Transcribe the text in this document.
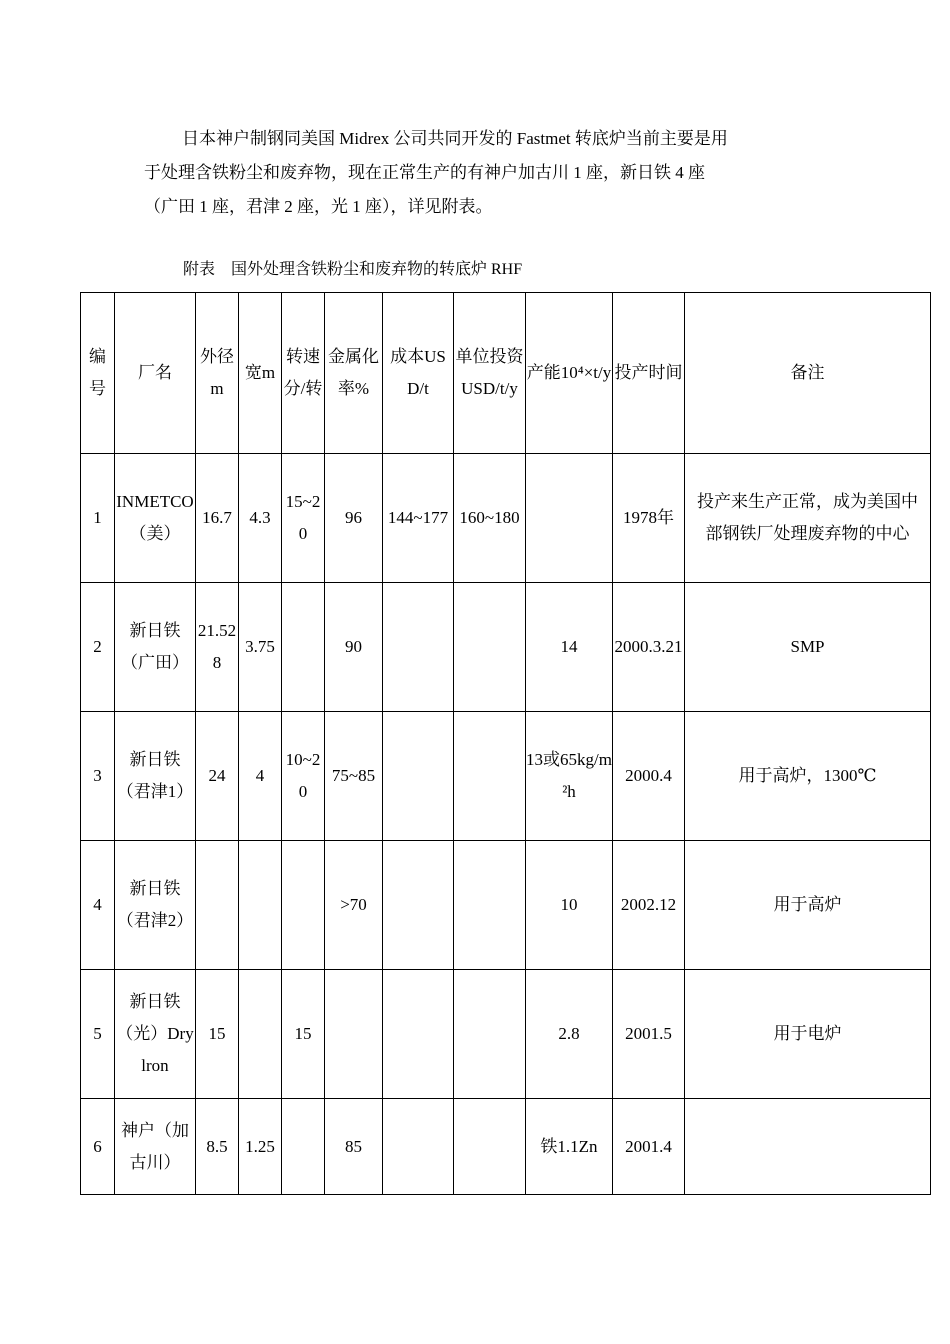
日本神户制钢同美国 Midrex 公司共同开发的 Fastmet 转底炉当前主要是用
于处理含铁粉尘和废弃物，现在正常生产的有神户加古川 1 座，新日铁 4 座
（广田 1 座，君津 2 座，光 1 座），详见附表。
附表　国外处理含铁粉尘和废弃物的转底炉 RHF
编号	厂名	外径m	宽m	转速分/转	金属化率%	成本USD/t	单位投资USD/t/y	产能10⁴×t/y	投产时间	备注

1	INMETCO（美）	16.7	4.3	15~20	96	144~177	160~180		1978年	投产来生产正常，成为美国中部钢铁厂处理废弃物的中心

2	新日铁（广田）	21.528	3.75		90			14	2000.3.21	SMP

3	新日铁（君津1）	24	4	10~20	75~85			13或65kg/m²h	2000.4	用于高炉，1300℃

4	新日铁（君津2）				>70			10	2002.12	用于高炉

5	新日铁（光）Drylron	15		15				2.8	2001.5	用于电炉

6	神户（加古川）	8.5	1.25		85			铁1.1Zn	2001.4	
